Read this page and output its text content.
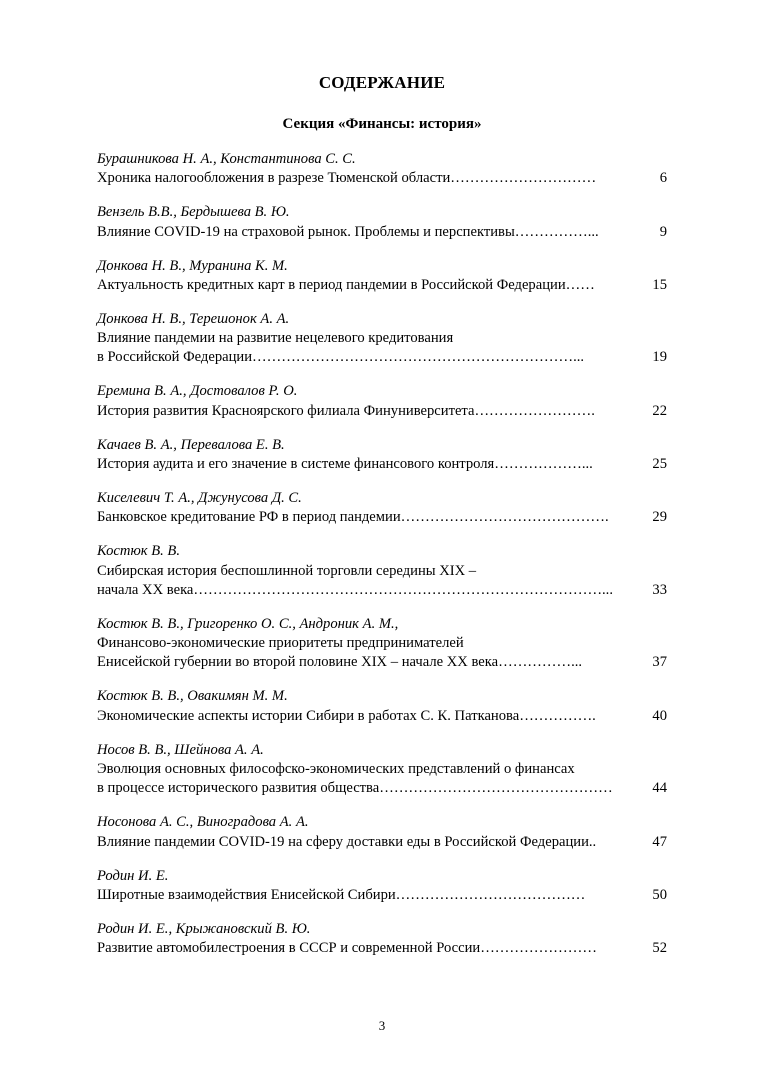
СОДЕРЖАНИЕ
Секция «Финансы: история»
Бурашникова Н. А., Константинова С. С.
Хроника налогообложения в разрезе Тюменской области…………………………	6
Вензель В.В., Бердышева В. Ю.
Влияние COVID-19 на страховой рынок. Проблемы и перспективы……………...	9
Донкова Н. В., Муранина К. М.
Актуальность кредитных карт в период пандемии в Российской Федерации……	15
Донкова Н. В., Терешонок А. А.
Влияние пандемии на развитие нецелевого кредитования
в Российской Федерации…………………………………………………………...	19
Еремина В. А., Достовалов Р. О.
История развития Красноярского филиала Финуниверситета…………………….	22
Качаев В. А., Перевалова Е. В.
История аудита и его значение в системе финансового контроля………………...	25
Киселевич Т. А., Джунусова Д. С.
Банковское кредитование РФ в период пандемии…………………………………….	29
Костюк В. В.
Сибирская история беспошлинной торговли середины XIX –
начала XX века…………………………………………………………………………...	33
Костюк В. В., Григоренко О. С., Андроник А. М.,
Финансово-экономические приоритеты предпринимателей
Енисейской губернии во второй половине XIX – начале XX века……………...	37
Костюк В. В., Овакимян М. М.
Экономические аспекты истории Сибири в работах С. К. Патканова…………….	40
Носов В. В., Шейнова А. А.
Эволюция основных философско-экономических представлений о финансах
в процессе исторического развития общества…………………………………………	44
Носонова А. С., Виноградова А. А.
Влияние пандемии COVID-19 на сферу доставки еды в Российской Федерации..	47
Родин И. Е.
Широтные взаимодействия Енисейской Сибири…………………………………	50
Родин И. Е., Крыжановский В. Ю.
Развитие автомобилестроения в СССР и современной России……………………	52
3
